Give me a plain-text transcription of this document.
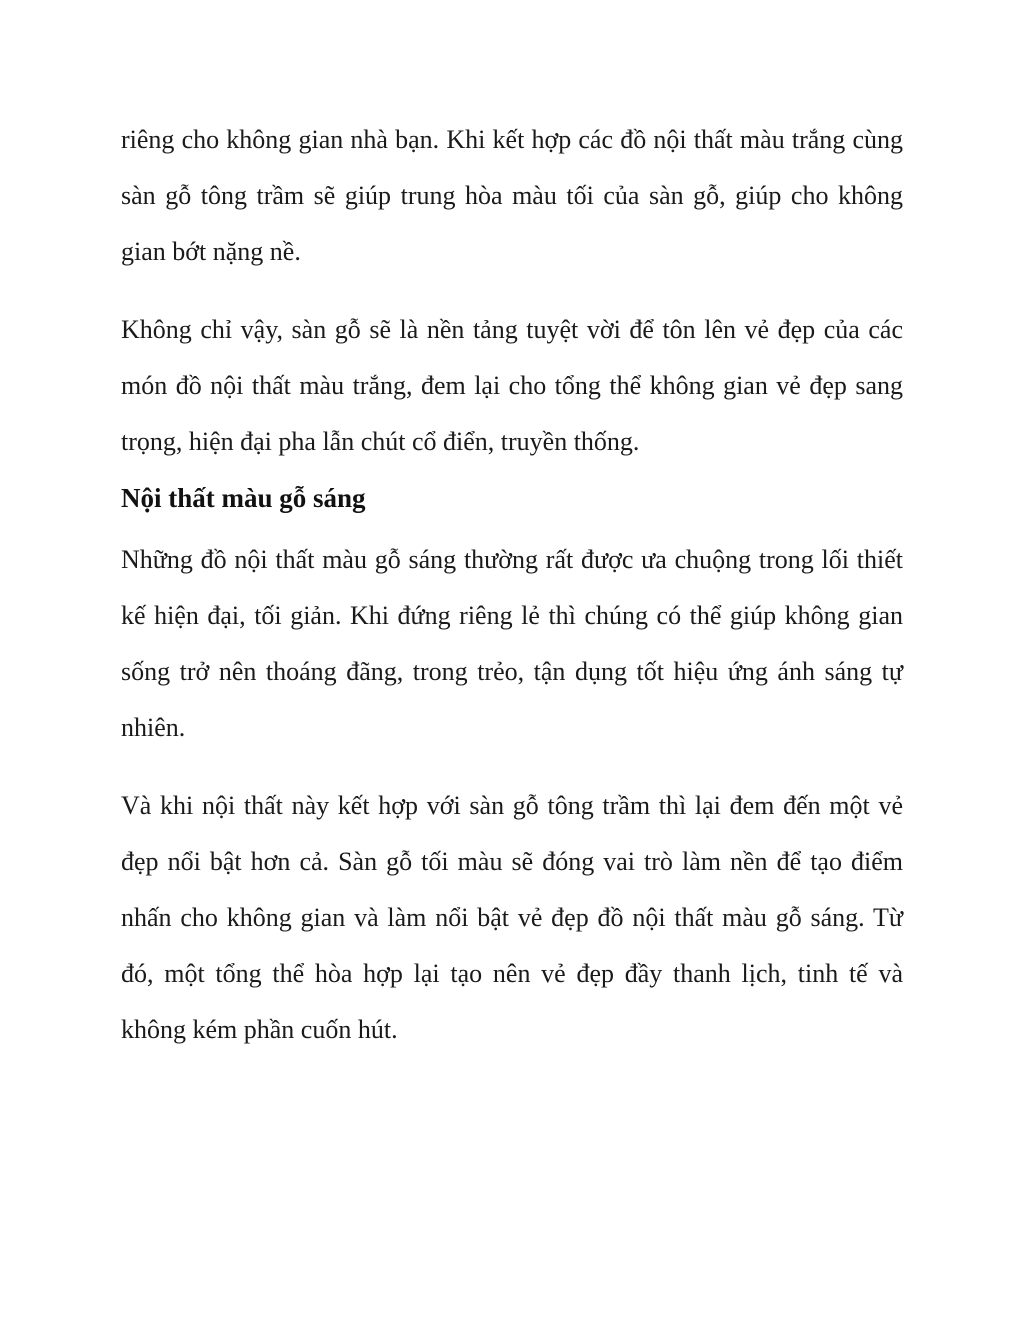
riêng cho không gian nhà bạn. Khi kết hợp các đồ nội thất màu trắng cùng sàn gỗ tông trầm sẽ giúp trung hòa màu tối của sàn gỗ, giúp cho không gian bớt nặng nề.

Không chỉ vậy, sàn gỗ sẽ là nền tảng tuyệt vời để tôn lên vẻ đẹp của các món đồ nội thất màu trắng, đem lại cho tổng thể không gian vẻ đẹp sang trọng, hiện đại pha lẫn chút cổ điển, truyền thống.

Nội thất màu gỗ sáng

Những đồ nội thất màu gỗ sáng thường rất được ưa chuộng trong lối thiết kế hiện đại, tối giản. Khi đứng riêng lẻ thì chúng có thể giúp không gian sống trở nên thoáng đãng, trong trẻo, tận dụng tốt hiệu ứng ánh sáng tự nhiên.

Và khi nội thất này kết hợp với sàn gỗ tông trầm thì lại đem đến một vẻ đẹp nổi bật hơn cả. Sàn gỗ tối màu sẽ đóng vai trò làm nền để tạo điểm nhấn cho không gian và làm nổi bật vẻ đẹp đồ nội thất màu gỗ sáng. Từ đó, một tổng thể hòa hợp lại tạo nên vẻ đẹp đầy thanh lịch, tinh tế và không kém phần cuốn hút.
